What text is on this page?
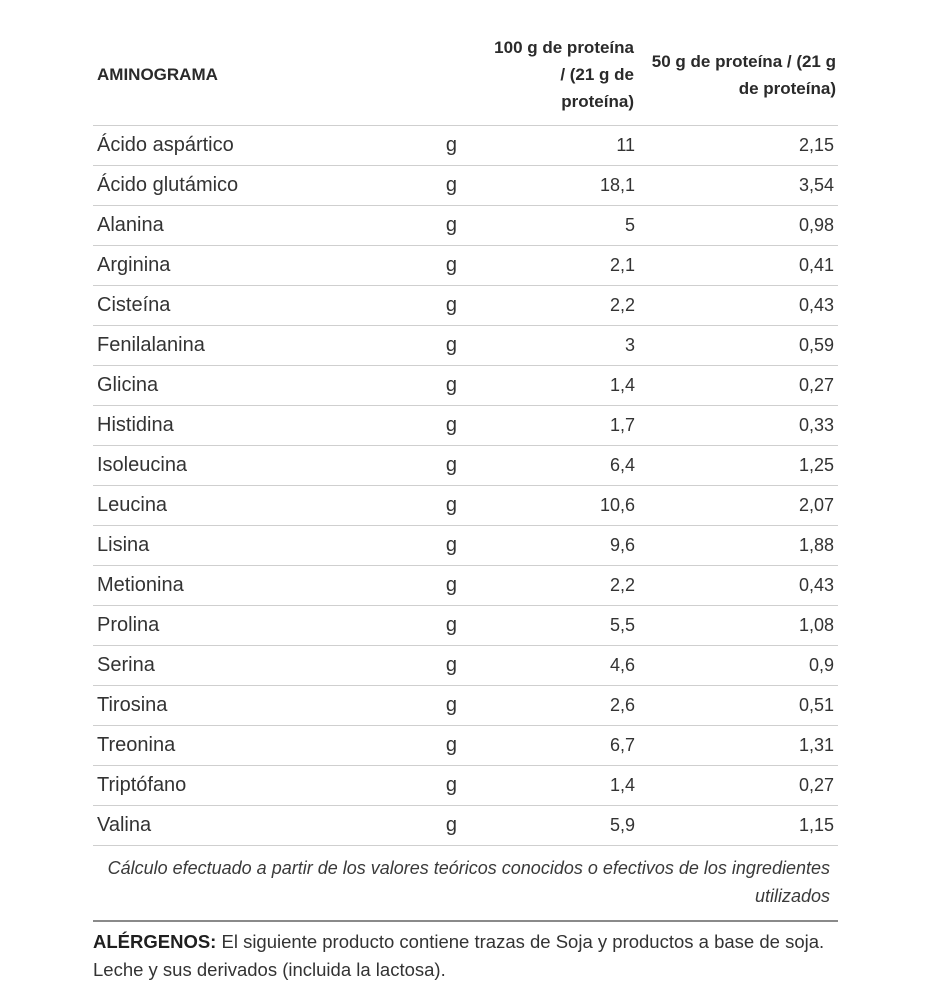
AMINOGRAMA		100 g de proteína / (21 g de proteína)	50 g de proteína / (21 g de proteína)
Ácido aspártico	g	11	2,15
Ácido glutámico	g	18,1	3,54
Alanina	g	5	0,98
Arginina	g	2,1	0,41
Cisteína	g	2,2	0,43
Fenilalanina	g	3	0,59
Glicina	g	1,4	0,27
Histidina	g	1,7	0,33
Isoleucina	g	6,4	1,25
Leucina	g	10,6	2,07
Lisina	g	9,6	1,88
Metionina	g	2,2	0,43
Prolina	g	5,5	1,08
Serina	g	4,6	0,9
Tirosina	g	2,6	0,51
Treonina	g	6,7	1,31
Triptófano	g	1,4	0,27
Valina	g	5,9	1,15
Cálculo efectuado a partir de los valores teóricos conocidos o efectivos de los ingredientes utilizados
ALÉRGENOS: El siguiente producto contiene trazas de Soja y productos a base de soja. Leche y sus derivados (incluida la lactosa).
